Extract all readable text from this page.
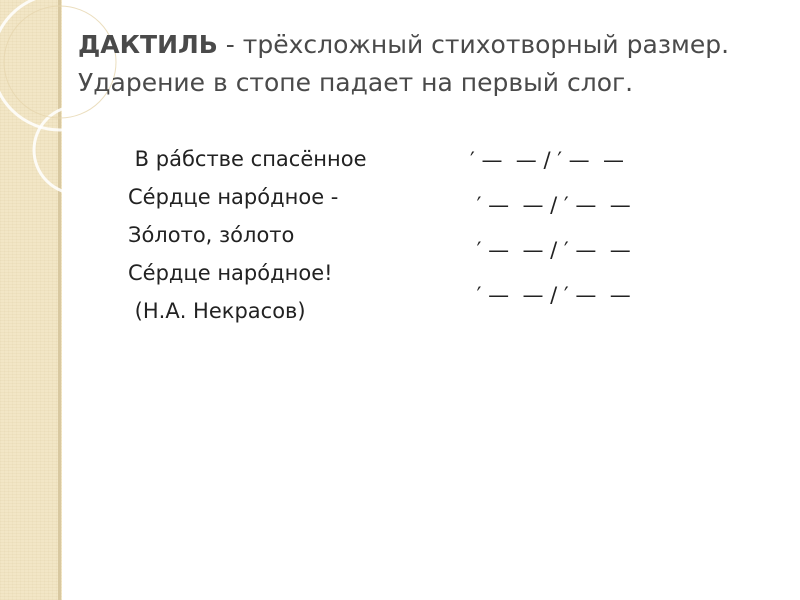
ДАКТИЛЬ - трёхсложный стихотворный размер.
Ударение в стопе падает на первый слог.
В ра́бстве спасённое
Се́рдце наро́дное -
Зо́лото, зо́лото
Се́рдце наро́дное!
(Н.А. Некрасов)
′ —  — / ′ —  —
′ —  — / ′ —  —
′ —  — / ′ —  —
′ —  — / ′ —  —
